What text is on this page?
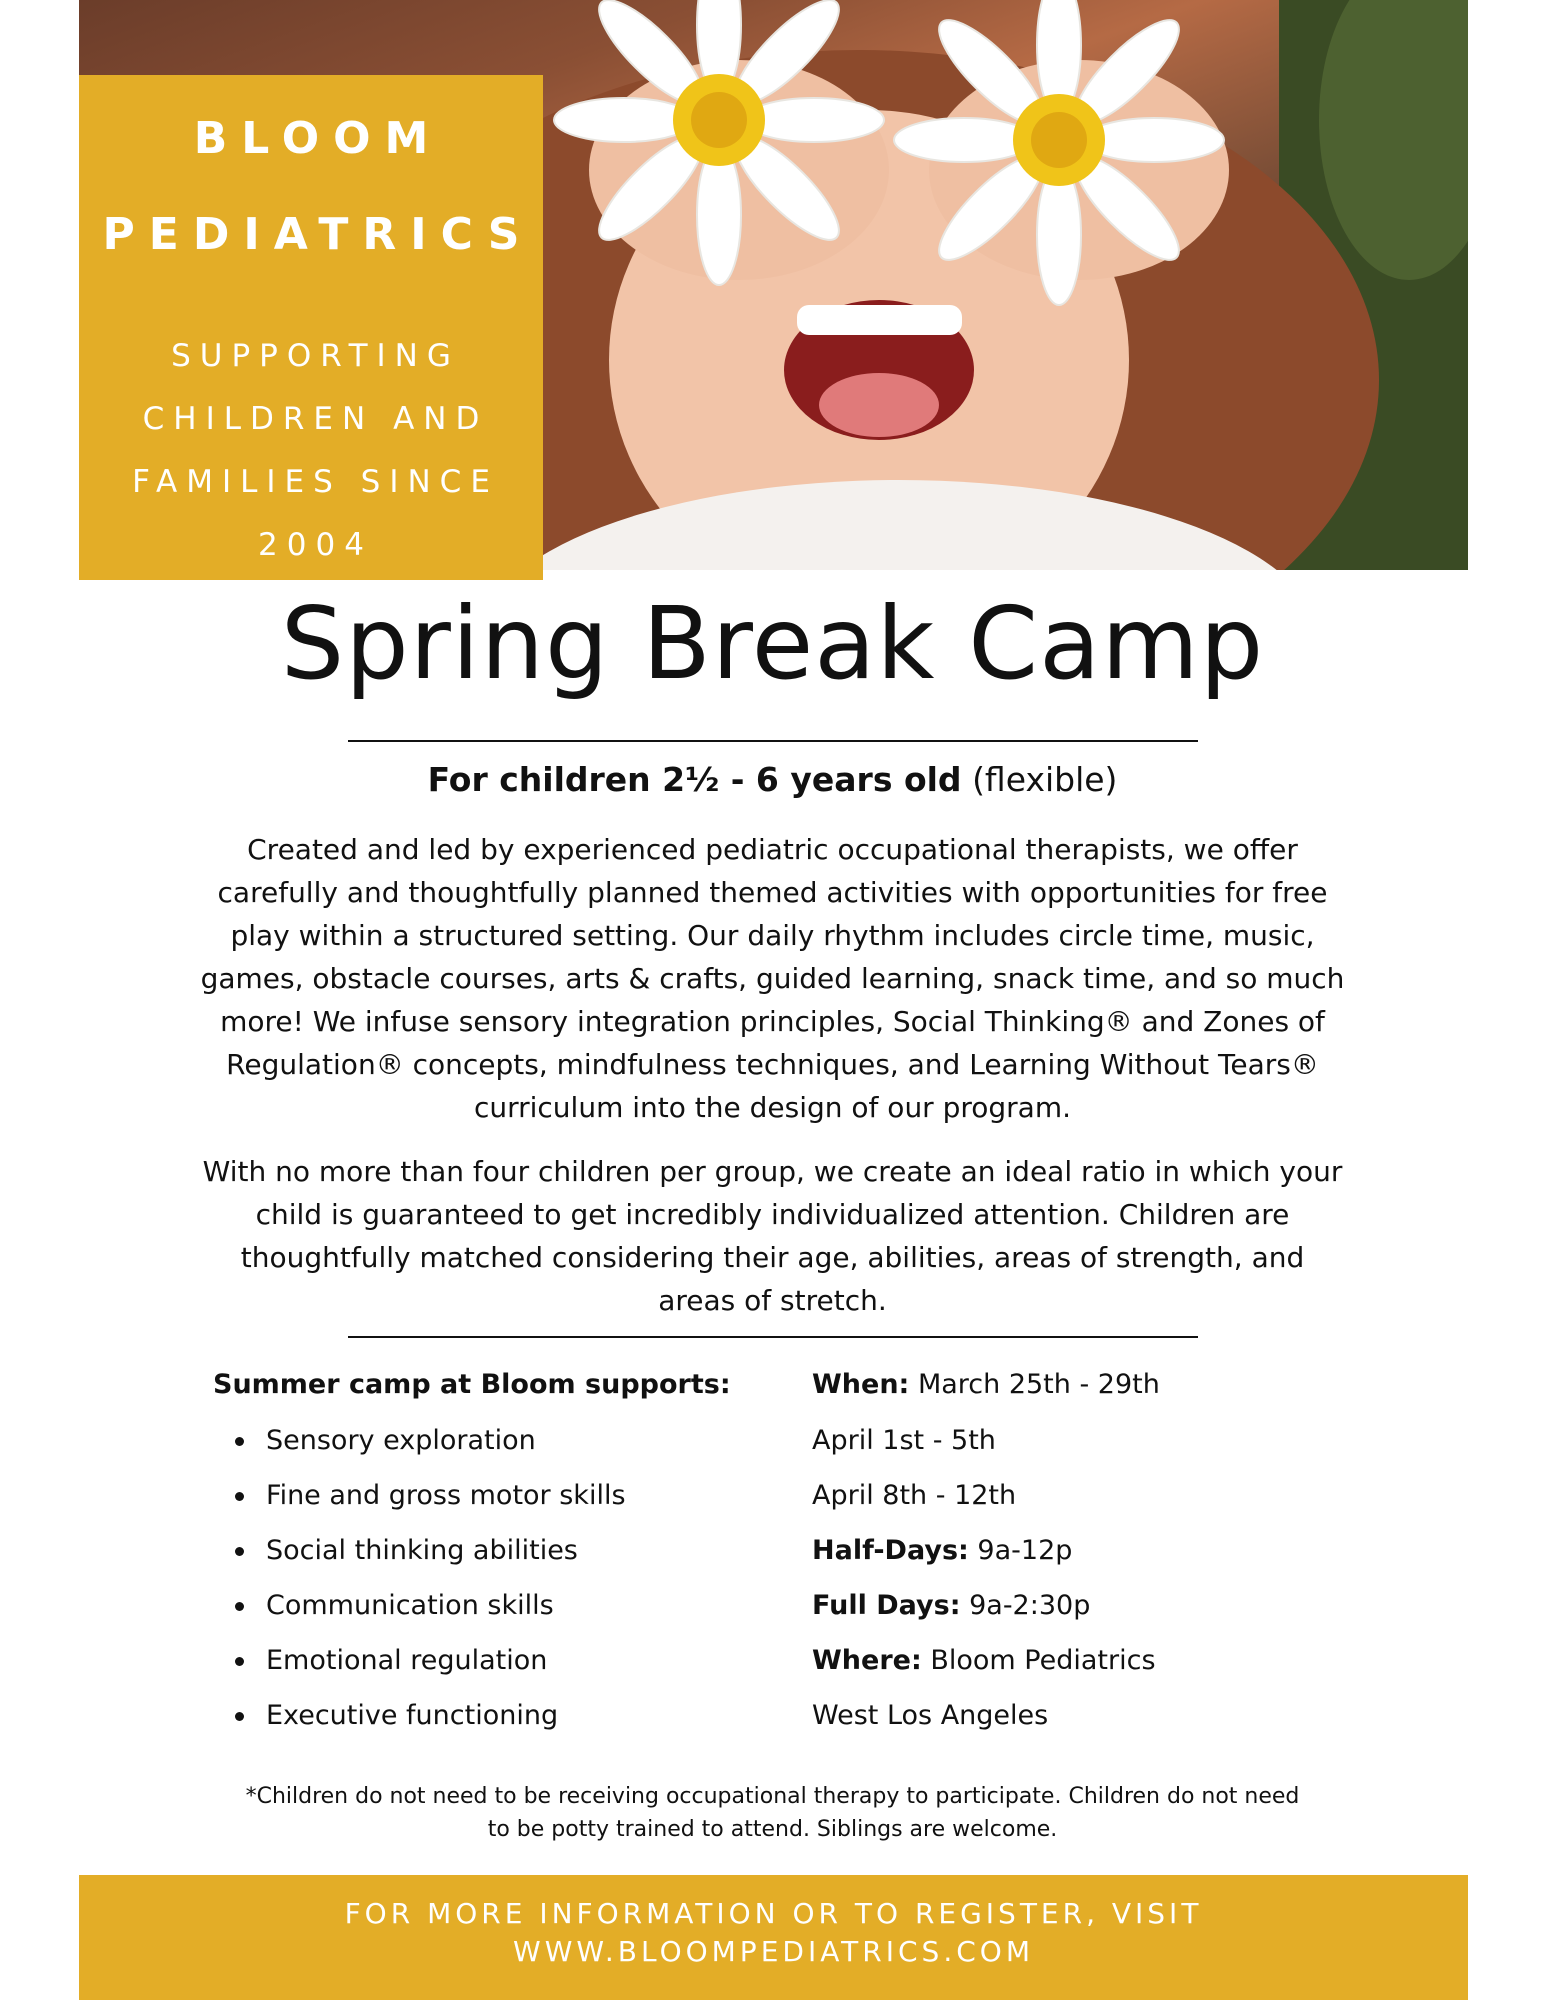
BLOOM
PEDIATRICS
SUPPORTING
CHILDREN AND
FAMILIES SINCE
2004
Spring Break Camp
For children 2½ - 6 years old (flexible)
Created and led by experienced pediatric occupational therapists, we offer carefully and thoughtfully planned themed activities with opportunities for free play within a structured setting. Our daily rhythm includes circle time, music, games, obstacle courses, arts & crafts, guided learning, snack time, and so much more! We infuse sensory integration principles, Social Thinking® and Zones of Regulation® concepts, mindfulness techniques, and Learning Without Tears® curriculum into the design of our program.
With no more than four children per group, we create an ideal ratio in which your child is guaranteed to get incredibly individualized attention. Children are thoughtfully matched considering their age, abilities, areas of strength, and areas of stretch.
Summer camp at Bloom supports:
Sensory exploration
Fine and gross motor skills
Social thinking abilities
Communication skills
Emotional regulation
Executive functioning
When: March 25th - 29th
April 1st - 5th
April 8th - 12th
Half-Days: 9a-12p
Full Days: 9a-2:30p
Where: Bloom Pediatrics
West Los Angeles
*Children do not need to be receiving occupational therapy to participate. Children do not need to be potty trained to attend. Siblings are welcome.
FOR MORE INFORMATION OR TO REGISTER, VISIT
WWW.BLOOMPEDIATRICS.COM
